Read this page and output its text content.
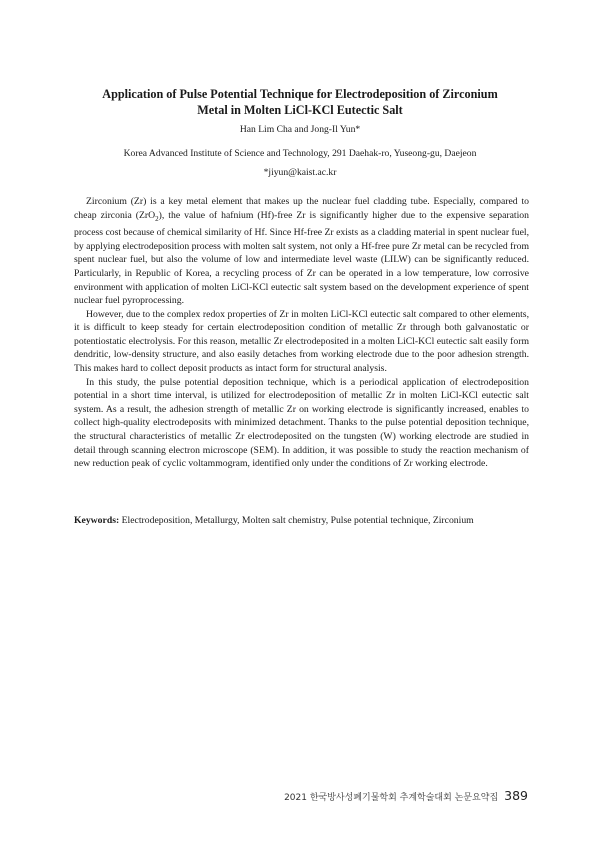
Application of Pulse Potential Technique for Electrodeposition of Zirconium
Metal in Molten LiCl-KCl Eutectic Salt
Han Lim Cha and Jong-Il Yun*
Korea Advanced Institute of Science and Technology, 291 Daehak-ro, Yuseong-gu, Daejeon
*jiyun@kaist.ac.kr

Zirconium (Zr) is a key metal element that makes up the nuclear fuel cladding tube. Especially, compared to cheap zirconia (ZrO$_2$), the value of hafnium (Hf)-free Zr is significantly higher due to the expensive separation process cost because of chemical similarity of Hf. Since Hf-free Zr exists as a cladding material in spent nuclear fuel, by applying electrodeposition process with molten salt system, not only a Hf-free pure Zr metal can be recycled from spent nuclear fuel, but also the volume of low and intermediate level waste (LILW) can be significantly reduced. Particularly, in Republic of Korea, a recycling process of Zr can be operated in a low temperature, low corrosive environment with application of molten LiCl-KCl eutectic salt system based on the development experience of spent nuclear fuel pyroprocessing.

However, due to the complex redox properties of Zr in molten LiCl-KCl eutectic salt compared to other elements, it is difficult to keep steady for certain electrodeposition condition of metallic Zr through both galvanostatic or potentiostatic electrolysis. For this reason, metallic Zr electrodeposited in a molten LiCl-KCl eutectic salt easily form dendritic, low-density structure, and also easily detaches from working electrode due to the poor adhesion strength. This makes hard to collect deposit products as intact form for structural analysis.

In this study, the pulse potential deposition technique, which is a periodical application of electrodeposition potential in a short time interval, is utilized for electrodeposition of metallic Zr in molten LiCl-KCl eutectic salt system. As a result, the adhesion strength of metallic Zr on working electrode is significantly increased, enables to collect high-quality electrodeposits with minimized detachment. Thanks to the pulse potential deposition technique, the structural characteristics of metallic Zr electrodeposited on the tungsten (W) working electrode are studied in detail through scanning electron microscope (SEM). In addition, it was possible to study the reaction mechanism of new reduction peak of cyclic voltammogram, identified only under the conditions of Zr working electrode.

Keywords: Electrodeposition, Metallurgy, Molten salt chemistry, Pulse potential technique, Zirconium
2021 한국방사성폐기물학회 추계학술대회 논문요약집 389
